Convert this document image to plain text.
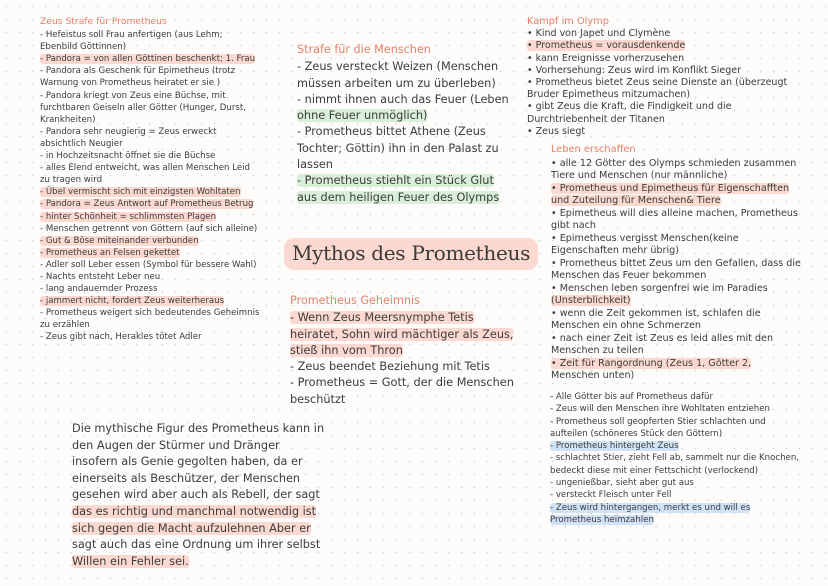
Zeus Strafe für Prometheus
- Hefeistus soll Frau anfertigen (aus Lehm;
Ebenbild Göttinnen)
- Pandora = von allen Göttinen beschenkt; 1. Frau
- Pandora als Geschenk für Epimetheus (trotz
Warnung von Prometheus heiratet er sie )
- Pandora kriegt von Zeus eine Büchse, mit
furchtbaren Geiseln aller Götter (Hunger, Durst,
Krankheiten)
- Pandora sehr neugierig = Zeus erweckt
absichtlich Neugier
- in Hochzeitsnacht öffnet sie die Büchse
- alles Elend entweicht, was allen Menschen Leid
zu tragen wird
- Übel vermischt sich mit einzigsten Wohltaten
- Pandora = Zeus Antwort auf Prometheus Betrug
- hinter Schönheit = schlimmsten Plagen
- Menschen getrennt von Göttern (auf sich alleine)
- Gut & Böse miteinander verbunden
- Prometheus an Felsen gekettet
- Adler soll Leber essen (Symbol für bessere Wahl)
- Nachts entsteht Leber neu
- lang andauernder Prozess
- jammert nicht, fordert Zeus weiterheraus
- Prometheus weigert sich bedeutendes Geheimnis
zu erzählen
- Zeus gibt nach, Herakles tötet Adler
Strafe für die Menschen
- Zeus versteckt Weizen (Menschen
müssen arbeiten um zu überleben)
- nimmt ihnen auch das Feuer (Leben
ohne Feuer unmöglich)
- Prometheus bittet Athene (Zeus
Tochter; Göttin) ihn in den Palast zu
lassen
- Prometheus stiehlt ein Stück Glut
aus dem heiligen Feuer des Olymps
Mythos des Prometheus
Prometheus Geheimnis
- Wenn Zeus Meersnymphe Tetis
heiratet, Sohn wird mächtiger als Zeus,
stieß ihn vom Thron
- Zeus beendet Beziehung mit Tetis
- Prometheus = Gott, der die Menschen
beschützt
Die mythische Figur des Prometheus kann in
den Augen der Stürmer und Dränger
insofern als Genie gegolten haben, da er
einerseits als Beschützer, der Menschen
gesehen wird aber auch als Rebell, der sagt
das es richtig und manchmal notwendig ist
sich gegen die Macht aufzulehnen Aber er
sagt auch das eine Ordnung um ihrer selbst
Willen ein Fehler sei.
Kampf im Olymp
• Kind von Japet und Clymène
• Prometheus = vorausdenkende
• kann Ereignisse vorherzusehen
• Vorhersehung: Zeus wird im Konflikt Sieger
• Prometheus bietet Zeus seine Dienste an (überzeugt
Bruder Epimetheus mitzumachen)
• gibt Zeus die Kraft, die Findigkeit und die
Durchtriebenheit der Titanen
• Zeus siegt
Leben erschaffen
• alle 12 Götter des Olymps schmieden zusammen
Tiere und Menschen (nur männliche)
• Prometheus und Epimetheus für Eigenschafften
und Zuteilung für Menschen& Tiere
• Epimetheus will dies alleine machen, Prometheus
gibt nach
• Epimetheus vergisst Menschen(keine
Eigenschaften mehr übrig)
• Prometheus bittet Zeus um den Gefallen, dass die
Menschen das Feuer bekommen
• Menschen leben sorgenfrei wie im Paradies
(Unsterblichkeit)
• wenn die Zeit gekommen ist, schlafen die
Menschen ein ohne Schmerzen
• nach einer Zeit ist Zeus es leid alles mit den
Menschen zu teilen
• Zeit für Rangordnung (Zeus 1, Götter 2,
Menschen unten)
- Alle Götter bis auf Prometheus dafür
- Zeus will den Menschen ihre Wohltaten entziehen
- Prometheus soll geopferten Stier schlachten und
aufteilen (schöneres Stück den Göttern)
- Prometheus hintergeht Zeus
- schlachtet Stier, zieht Fell ab, sammelt nur die Knochen,
bedeckt diese mit einer Fettschicht (verlockend)
- ungenießbar, sieht aber gut aus
- versteckt Fleisch unter Fell
- Zeus wird hintergangen, merkt es und will es
Prometheus heimzahlen
